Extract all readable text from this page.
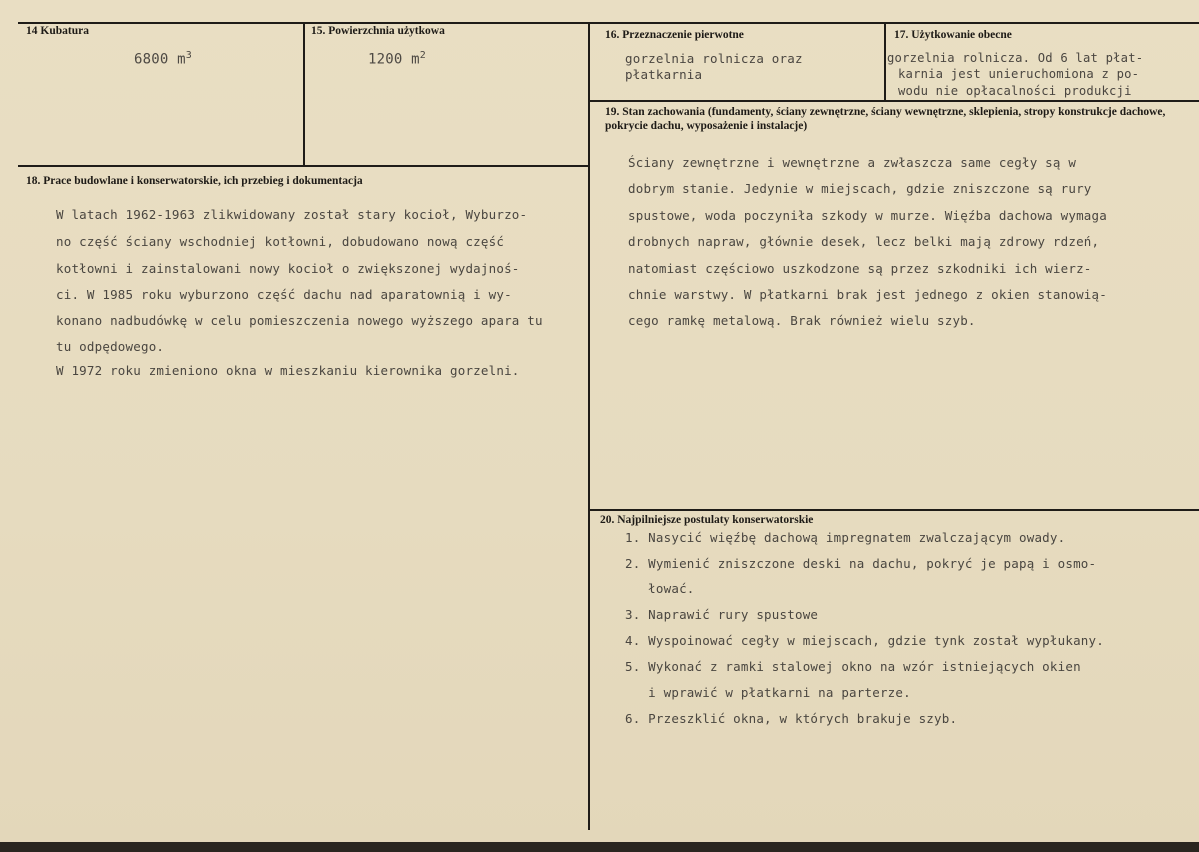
14 Kubatura
6800 $m^3$
15. Powierzchnia użytkowa
1200 $m^2$
16. Przeznaczenie pierwotne
gorzelnia rolnicza oraz
płatkarnia
17. Użytkowanie obecne
gorzelnia rolnicza. Od 6 lat płat-
karnia jest unieruchomiona z po-
wodu nie opłacalności produkcji
18. Prace budowlane i konserwatorskie, ich przebieg i dokumentacja
W latach 1962-1963 zlikwidowany został stary kocioł, Wyburzo-
no część ściany wschodniej kotłowni, dobudowano nową część
kotłowni i zainstalowani nowy kocioł o zwiększonej wydajnoś-
ci. W 1985 roku wyburzono część dachu nad aparatownią i wy-
konano nadbudówkę w celu pomieszczenia nowego wyższego apara tu
tu odpędowego.
W 1972 roku zmieniono okna w mieszkaniu kierownika gorzelni.
19. Stan zachowania (fundamenty, ściany zewnętrzne, ściany wewnętrzne, sklepienia, stropy konstrukcje dachowe, pokrycie dachu, wyposażenie i instalacje)
Ściany zewnętrzne i wewnętrzne a zwłaszcza same cegły są w
dobrym stanie. Jedynie w miejscach, gdzie zniszczone są rury
spustowe, woda poczyniła szkody w murze. Więźba dachowa wymaga
drobnych napraw, głównie desek, lecz belki mają zdrowy rdzeń,
natomiast częściowo uszkodzone są przez szkodniki ich wierz-
chnie warstwy. W płatkarni brak jest jednego z okien stanowią-
cego ramkę metalową. Brak również wielu szyb.
20. Najpilniejsze postulaty konserwatorskie
1. Nasycić więźbę dachową impregnatem zwalczającym owady.
2. Wymienić zniszczone deski na dachu, pokryć je papą i osmo-
łować.
3. Naprawić rury spustowe
4. Wyspoinować cegły w miejscach, gdzie tynk został wypłukany.
5. Wykonać z ramki stalowej okno na wzór istniejących okien
i wprawić w płatkarni na parterze.
6. Przeszklić okna, w których brakuje szyb.
